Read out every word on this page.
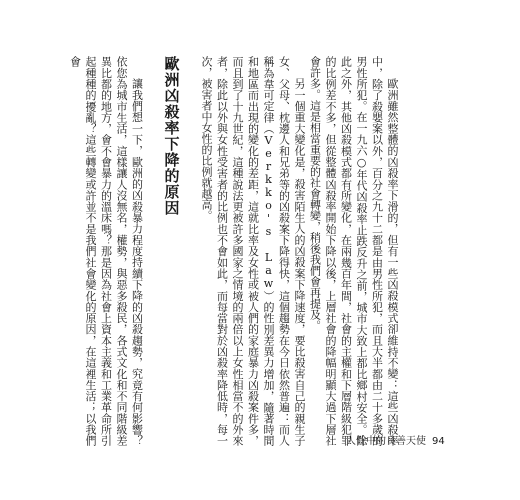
歐洲雖然整體的凶殺率下滑的，但有一些凶殺模式卻維持不變：這些凶殺率中，除了殺嬰案以外，百分之九十二都是由男性所犯，而且大半都由二十多歲的男性所犯。在一九六○年代凶殺率止跌反升之前，城市大致上都比鄉村安全。除此之外，其他凶殺模式都有所變化，在兩幾百年間，社會的主權和下層階級犯罪的比例差不多，但從整體凶殺率開始下降以後，上層社會的降幅明顯大過下層社會許多。這是相當重要的社會轉變，稍後我們會再提及。

另一個重大變化是，殺害陌生人的凶殺案下降速度，要比殺害自己的親生子女、父母、枕邊人和兄弟等的凶殺案下降得快，這個趨勢在今日依然普遍：而人稱為韋可定律（Verkko's Law）的性別差異力增加，隨著時間和地區而出現的變化的差距，這就比率及女性或被人們的家庭暴力凶殺案件多，而且到了十九世紀，這種說法更被許多國家之情境的兩倍以上女性相當不的外來者，除此以外與女性受害者的比例也不會如此，而每當對於凶殺率降低時，每一次，被害者中女性的比例就越高。

歐洲凶殺率下降的原因

讓我們想一下，歐洲的凶殺暴力程度持續下降的凶殺趨勢，究竟有何影響？依您為城市生活，這樣讓人沒無名，權勢，與惡多殺民，各式文化和不同階級差異比都的地方，會不會暴力的溫床嗎？那是因為社會上資本主義和工業革命所引起種種的擾亂？這些轉變或許並不是我們社會變化的原因，在這裡生活；以我們會

人性中的良善天使 94
